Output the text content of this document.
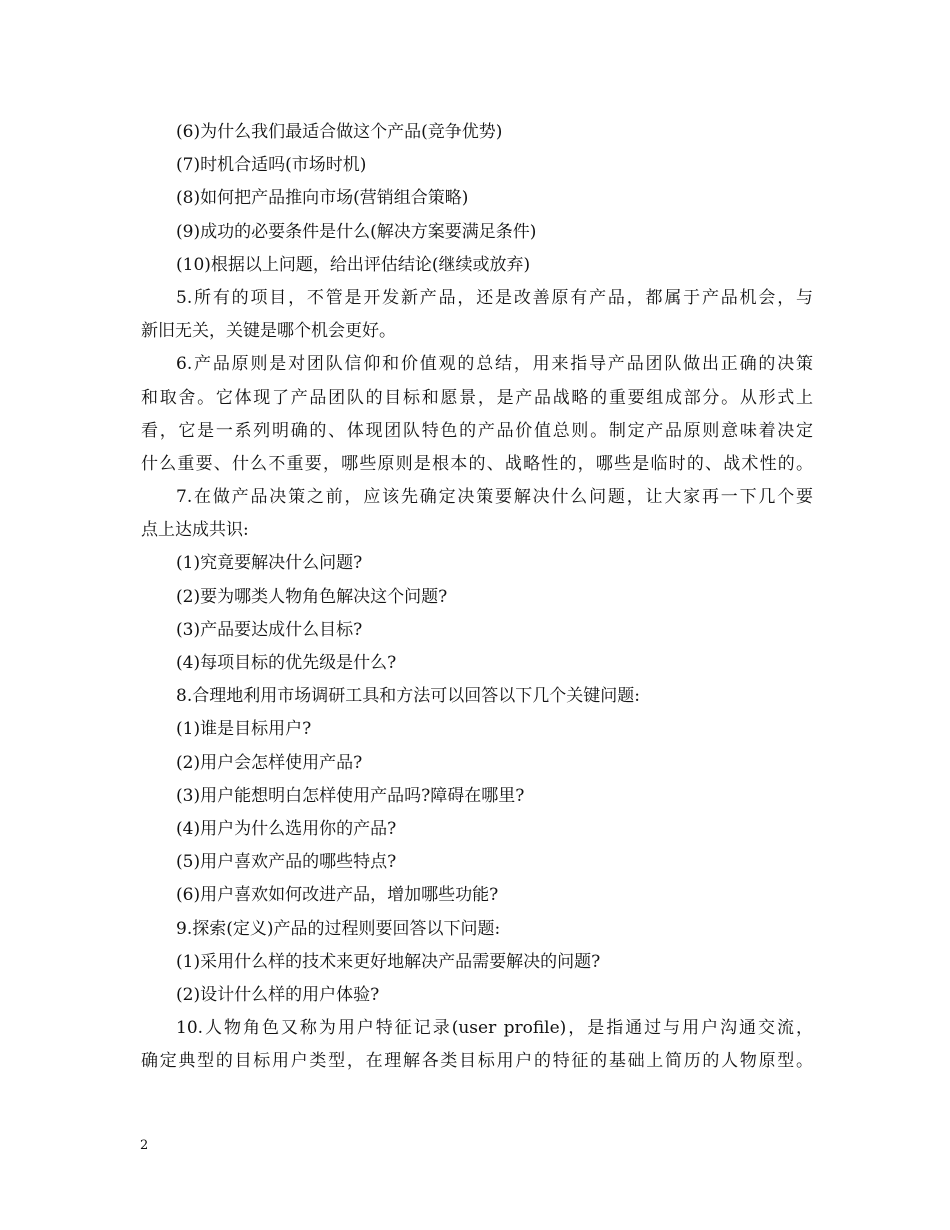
(6)为什么我们最适合做这个产品(竞争优势)
(7)时机合适吗(市场时机)
(8)如何把产品推向市场(营销组合策略)
(9)成功的必要条件是什么(解决方案要满足条件)
(10)根据以上问题，给出评估结论(继续或放弃)
5.所有的项目，不管是开发新产品，还是改善原有产品，都属于产品机会，与
新旧无关，关键是哪个机会更好。
6.产品原则是对团队信仰和价值观的总结，用来指导产品团队做出正确的决策
和取舍。它体现了产品团队的目标和愿景，是产品战略的重要组成部分。从形式上
看，它是一系列明确的、体现团队特色的产品价值总则。制定产品原则意味着决定
什么重要、什么不重要，哪些原则是根本的、战略性的，哪些是临时的、战术性的。
7.在做产品决策之前，应该先确定决策要解决什么问题，让大家再一下几个要
点上达成共识:
(1)究竟要解决什么问题?
(2)要为哪类人物角色解决这个问题?
(3)产品要达成什么目标?
(4)每项目标的优先级是什么?
8.合理地利用市场调研工具和方法可以回答以下几个关键问题:
(1)谁是目标用户?
(2)用户会怎样使用产品?
(3)用户能想明白怎样使用产品吗?障碍在哪里?
(4)用户为什么选用你的产品?
(5)用户喜欢产品的哪些特点?
(6)用户喜欢如何改进产品，增加哪些功能?
9.探索(定义)产品的过程则要回答以下问题:
(1)采用什么样的技术来更好地解决产品需要解决的问题?
(2)设计什么样的用户体验?
10.人物角色又称为用户特征记录(user profile)，是指通过与用户沟通交流，
确定典型的目标用户类型，在理解各类目标用户的特征的基础上简历的人物原型。
2
